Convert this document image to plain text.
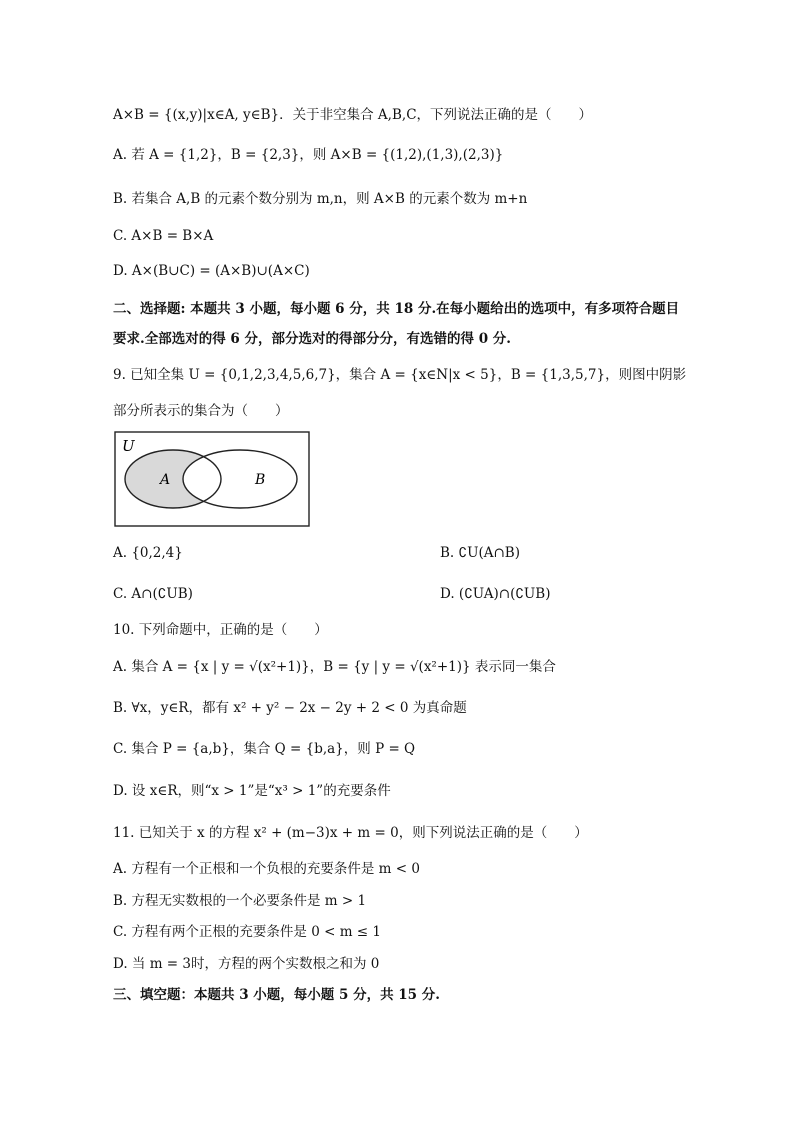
A×B = {(x,y)|x∈A, y∈B}．关于非空集合 A,B,C，下列说法正确的是（　　）
A. 若 A = {1,2}，B = {2,3}，则 A×B = {(1,2),(1,3),(2,3)}
B. 若集合 A,B 的元素个数分别为 m,n，则 A×B 的元素个数为 m+n
C. A×B = B×A
D. A×(B∪C) = (A×B)∪(A×C)
二、选择题: 本题共 3 小题，每小题 6 分，共 18 分.在每小题给出的选项中，有多项符合题目
要求.全部选对的得 6 分，部分选对的得部分分，有选错的得 0 分.
9. 已知全集 U = {0,1,2,3,4,5,6,7}，集合 A = {x∈N|x < 5}，B = {1,3,5,7}，则图中阴影
部分所表示的集合为（　　）
U
A	B
A. {0,2,4}	B. ∁U(A∩B)
C. A∩(∁UB)	D. (∁UA)∩(∁UB)
10. 下列命题中，正确的是（　　）
A. 集合 A = {x | y = √(x²+1)}，B = {y | y = √(x²+1)} 表示同一集合
B. ∀x，y∈R，都有 x² + y² − 2x − 2y + 2 < 0 为真命题
C. 集合 P = {a,b}，集合 Q = {b,a}，则 P = Q
D. 设 x∈R，则“x > 1”是“x³ > 1”的充要条件
11. 已知关于 x 的方程 x² + (m−3)x + m = 0，则下列说法正确的是（　　）
A. 方程有一个正根和一个负根的充要条件是 m < 0
B. 方程无实数根的一个必要条件是 m > 1
C. 方程有两个正根的充要条件是 0 < m ≤ 1
D. 当 m = 3时，方程的两个实数根之和为 0
三、填空题：本题共 3 小题，每小题 5 分，共 15 分.
